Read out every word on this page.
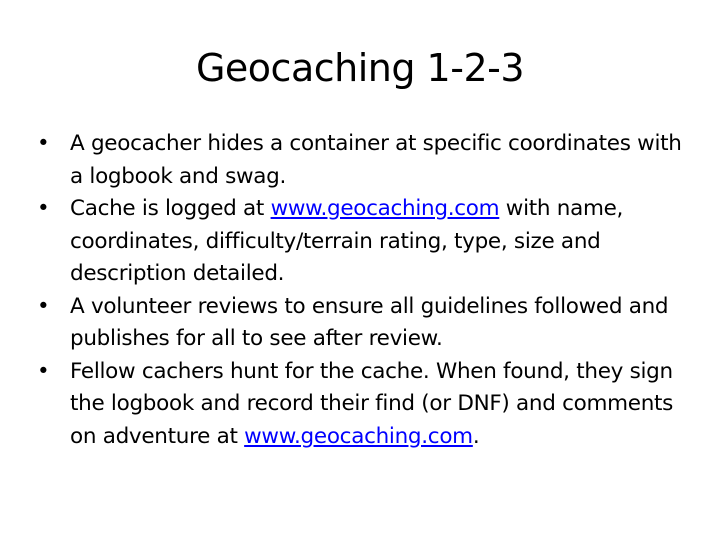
Geocaching 1-2-3
• A geocacher hides a container at specific coordinates with a logbook and swag.
• Cache is logged at www.geocaching.com with name, coordinates, difficulty/terrain rating, type, size and description detailed.
• A volunteer reviews to ensure all guidelines followed and publishes for all to see after review.
• Fellow cachers hunt for the cache. When found, they sign the logbook and record their find (or DNF) and comments on adventure at www.geocaching.com.
